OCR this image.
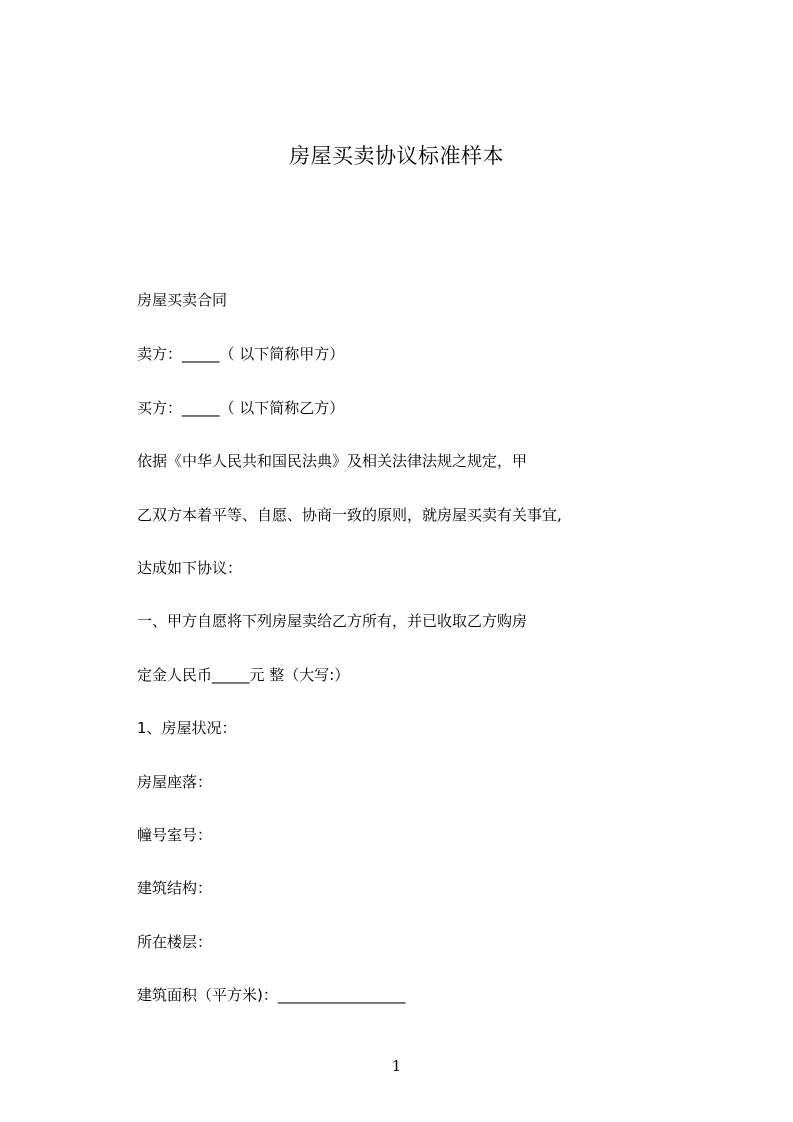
房屋买卖协议标准样本
房屋买卖合同
卖方：_____（ 以下简称甲方）
买方：_____（ 以下简称乙方）
依据《中华人民共和国民法典》及相关法律法规之规定，甲
乙双方本着平等、自愿、协商一致的原则，就房屋买卖有关事宜,
达成如下协议：
一、甲方自愿将下列房屋卖给乙方所有，并已收取乙方购房
定金人民币_____元 整（大写:）
1、房屋状况：
房屋座落：
幢号室号：
建筑结构：
所在楼层：
建筑面积（平方米)：_________________
1
